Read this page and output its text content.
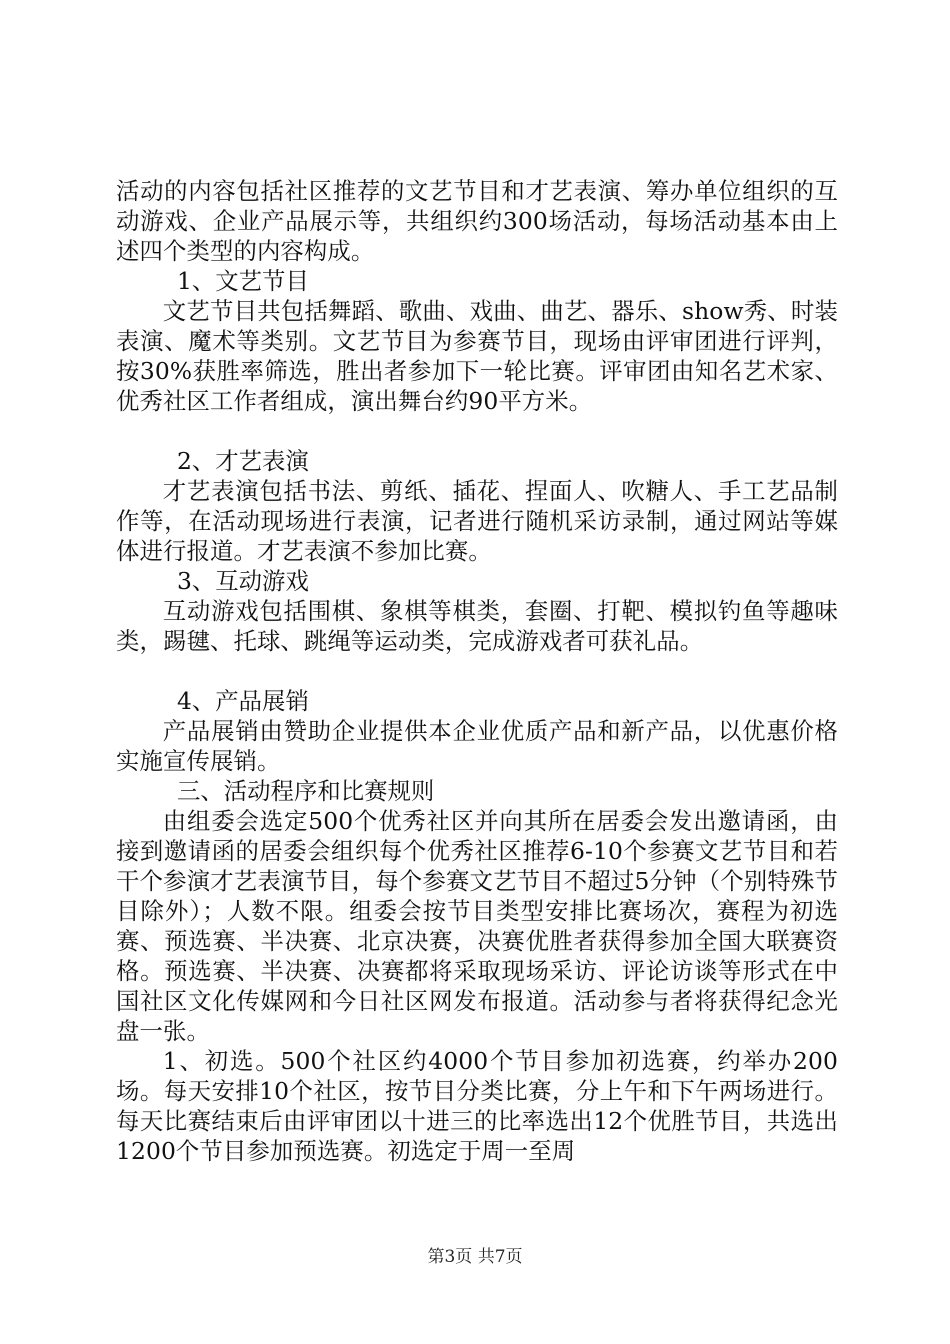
活动的内容包括社区推荐的文艺节目和才艺表演、筹办单位组织的互动游戏、企业产品展示等，共组织约300场活动，每场活动基本由上述四个类型的内容构成。

1、文艺节目

文艺节目共包括舞蹈、歌曲、戏曲、曲艺、器乐、show秀、时装表演、魔术等类别。文艺节目为参赛节目，现场由评审团进行评判，按30%获胜率筛选，胜出者参加下一轮比赛。评审团由知名艺术家、优秀社区工作者组成，演出舞台约90平方米。

2、才艺表演

才艺表演包括书法、剪纸、插花、捏面人、吹糖人、手工艺品制作等，在活动现场进行表演，记者进行随机采访录制，通过网站等媒体进行报道。才艺表演不参加比赛。

3、互动游戏

互动游戏包括围棋、象棋等棋类，套圈、打靶、模拟钓鱼等趣味类，踢毽、托球、跳绳等运动类，完成游戏者可获礼品。

4、产品展销

产品展销由赞助企业提供本企业优质产品和新产品，以优惠价格实施宣传展销。

三、活动程序和比赛规则

由组委会选定500个优秀社区并向其所在居委会发出邀请函，由接到邀请函的居委会组织每个优秀社区推荐6-10个参赛文艺节目和若干个参演才艺表演节目，每个参赛文艺节目不超过5分钟（个别特殊节目除外）；人数不限。组委会按节目类型安排比赛场次，赛程为初选赛、预选赛、半决赛、北京决赛，决赛优胜者获得参加全国大联赛资格。预选赛、半决赛、决赛都将采取现场采访、评论访谈等形式在中国社区文化传媒网和今日社区网发布报道。活动参与者将获得纪念光盘一张。

1、初选。500个社区约4000个节目参加初选赛，约举办200场。每天安排10个社区，按节目分类比赛，分上午和下午两场进行。每天比赛结束后由评审团以十进三的比率选出12个优胜节目，共选出1200个节目参加预选赛。初选定于周一至周

第3页 共7页
